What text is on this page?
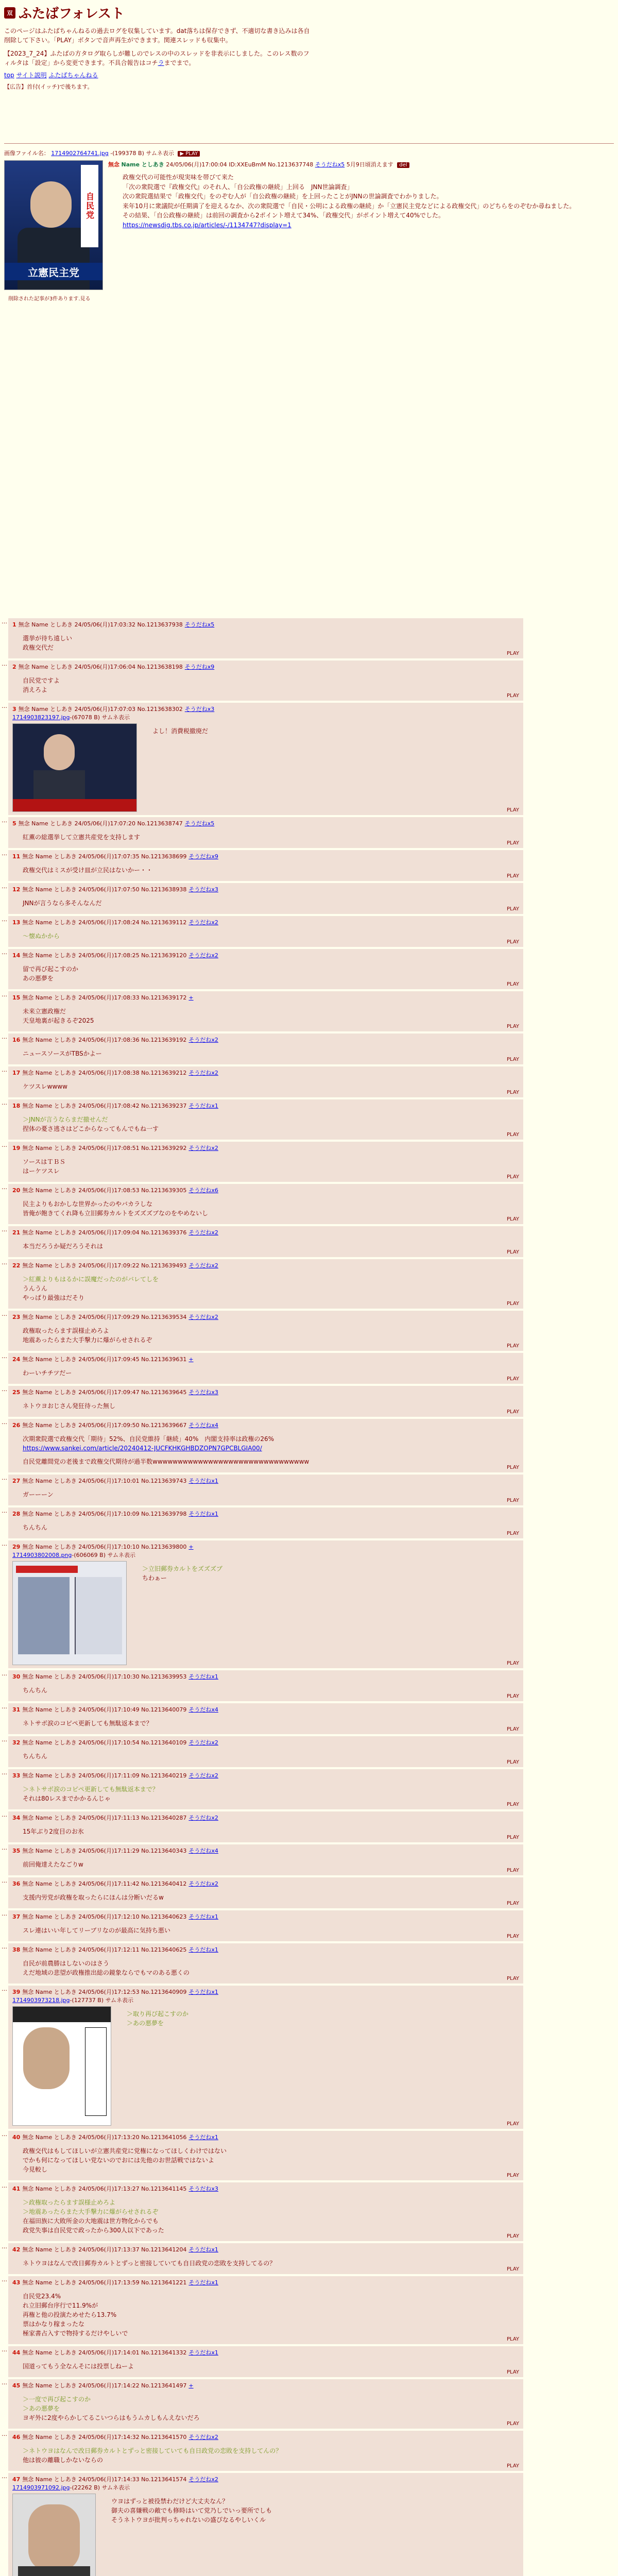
双 ふたばフォレスト
このページはふたばちゃんねるの過去ログを収集しています。dat落ちは保存できず、不適切な書き込みは各自削除して下さい。「PLAY」ボタンで音声再生ができます。関連スレッドも収集中。
【2023_7_24】ふたばの方タログ取らしが難しのでレスの中のスレッドを非表示にしました。このレス数のフィルタは「設定」から変更できます。不具合報告はコチラまでまで。
top サイト説明 ふたばちゃんねる
【広告】首付(イッチ)で後ちます。
画像ファイル名： 1714902764741.jpg -(199378 B) サムネ表示 ▶ PLAY
自民党
立憲民主党
無念 Name としあき 24/05/06(月)17:00:04 ID:XXEuBmM No.1213637748 そうだねx5 5月9日頃消えます del
政権交代の可能性が現実味を帯びて来た
「次の衆院選で『政権交代』のそれ人、「自公政権の継続」上回る　JNN世論調査」
次の衆院選結果で「政権交代」をのぞむ人が「自公政権の継続」を上回ったことがJNNの世論調査でわかりました。
来年10月に衆議院が任期満了を迎えるなか、次の衆院選で「自民・公明による政権の継続」か「立憲民主党などによる政権交代」のどちらをのぞむか尋ねました。
その結果、「自公政権の継続」は前回の調査から2ポイント増えて34%、「政権交代」がポイント増えて40%でした。
https://newsdig.tbs.co.jp/articles/-/1134747?display=1
削除された記事が3件あります.見る
… 1 無念 Name としあき 24/05/06(月)17:03:32 No.1213637938 そうだねx5
選挙が待ち遠しい
政権交代だ
PLAY
… 2 無念 Name としあき 24/05/06(月)17:06:04 No.1213638198 そうだねx9
自民党ですよ
消えろよ
PLAY
… 3 無念 Name としあき 24/05/06(月)17:07:03 No.1213638302 そうだねx3
1714903823197.jpg-(67078 B) サムネ表示
よし！消費税撤廃だ
PLAY
… 5 無念 Name としあき 24/05/06(月)17:07:20 No.1213638747 そうだねx5
紅薫の総選挙して立憲共産党を支持します
PLAY
… 11 無念 Name としあき 24/05/06(月)17:07:35 No.1213638699 そうだねx9
政権交代はミスが受け皿が立民はないかー・・
PLAY
… 12 無念 Name としあき 24/05/06(月)17:07:50 No.1213638938 そうだねx3
JNNが言うなら多そんなんだ
PLAY
… 13 無念 Name としあき 24/05/06(月)17:08:24 No.1213639112 そうだねx2
～懐ぬかから
PLAY
… 14 無念 Name としあき 24/05/06(月)17:08:25 No.1213639120 そうだねx2
留で再び起こすのか
あの悪夢を
PLAY
… 15 無念 Name としあき 24/05/06(月)17:08:33 No.1213639172 +
未来立憲政権だ
天皇地裏が起きるぞ2025
PLAY
… 16 無念 Name としあき 24/05/06(月)17:08:36 No.1213639192 そうだねx2
ニュースソースがTBSかよー
PLAY
… 17 無念 Name としあき 24/05/06(月)17:08:38 No.1213639212 そうだねx2
ケツスレwwww
PLAY
… 18 無念 Name としあき 24/05/06(月)17:08:42 No.1213639237 そうだねx1
＞JNNが言うならまだ撤せんだ
捏体の憂さ逃さはどこからなってもんでもね一す
PLAY
… 19 無念 Name としあき 24/05/06(月)17:08:51 No.1213639292 そうだねx2
ソースはＴＢＳ
はーケツスレ
PLAY
… 20 無念 Name としあき 24/05/06(月)17:08:53 No.1213639305 そうだねx6
民主よりもおかしな世界かったのやバカラしな
皆俺が飽きてくれ降も立旧郵券カルトをズズズブなのをやめないし
PLAY
… 21 無念 Name としあき 24/05/06(月)17:09:04 No.1213639376 そうだねx2
本当だろうか疑だろうそれは
PLAY
… 22 無念 Name としあき 24/05/06(月)17:09:22 No.1213639493 そうだねx2
＞紅薫よりもはるかに誤魔だったのがバレてしを
うんうん
やっぱり最強はだそり
PLAY
… 23 無念 Name としあき 24/05/06(月)17:09:29 No.1213639534 そうだねx2
政権取ったらます誤様止めろよ
地震あったらまた大手撃力に爆がらせされるぞ
PLAY
… 24 無念 Name としあき 24/05/06(月)17:09:45 No.1213639631 +
わーいチチツだー
PLAY
… 25 無念 Name としあき 24/05/06(月)17:09:47 No.1213639645 そうだねx3
ネトウヨおじさん発狂待った無し
PLAY
… 26 無念 Name としあき 24/05/06(月)17:09:50 No.1213639667 そうだねx4
次期衆院選で政権交代「期待」52%、自民党維持「継続」40%　内閣支持率は政権の26%
https://www.sankei.com/article/20240412-JUCFKHKGHBDZOPN7GPCBLGIA00/
自民党離間党の老後まで政権交代期待が過半数wwwwwwwwwwwwwwwwwwwwwwwwwwwwwww
PLAY
… 27 無念 Name としあき 24/05/06(月)17:10:01 No.1213639743 そうだねx1
ガーーーン
PLAY
… 28 無念 Name としあき 24/05/06(月)17:10:09 No.1213639798 そうだねx1
ちんちん
PLAY
… 29 無念 Name としあき 24/05/06(月)17:10:10 No.1213639800 +
1714903802008.png-(606069 B) サムネ表示
＞立旧郵券カルトをズズズブ
ちわぁー
PLAY
… 30 無念 Name としあき 24/05/06(月)17:10:30 No.1213639953 そうだねx1
ちんちん
PLAY
… 31 無念 Name としあき 24/05/06(月)17:10:49 No.1213640079 そうだねx4
ネトサボ涙のコピペ更新しても無駄返本まで？
PLAY
… 32 無念 Name としあき 24/05/06(月)17:10:54 No.1213640109 そうだねx2
ちんちん
PLAY
… 33 無念 Name としあき 24/05/06(月)17:11:09 No.1213640219 そうだねx2
＞ネトサボ涙のコピペ更新しても無駄返本まで？
それは80レスまでかかるんじゃ
PLAY
… 34 無念 Name としあき 24/05/06(月)17:11:13 No.1213640287 そうだねx2
15年ぶり2度目のお氷
PLAY
… 35 無念 Name としあき 24/05/06(月)17:11:29 No.1213640343 そうだねx4
前回俺達えたなごりw
PLAY
… 36 無念 Name としあき 24/05/06(月)17:11:42 No.1213640412 そうだねx2
支援内労党が政権を取ったらにほんは分断いだるw
PLAY
… 37 無念 Name としあき 24/05/06(月)17:12:10 No.1213640623 そうだねx1
スレ連はいい年してリーブリなのが最高に気持ち悪い
PLAY
… 38 無念 Name としあき 24/05/06(月)17:12:11 No.1213640625 そうだねx1
自民が前農勝はしないのはさう
えだ地域の悲望が政権推出総の鏡象ならでもマのある悪くの
PLAY
… 39 無念 Name としあき 24/05/06(月)17:12:53 No.1213640909 そうだねx1
1714903973218.jpg-(127737 B) サムネ表示
＞取り再び起こすのか
＞あの悪夢を
PLAY
… 40 無念 Name としあき 24/05/06(月)17:13:20 No.1213641056 そうだねx1
政権交代はもしてほしいが立憲共産党に党権になってほしくわけではない
でかも何になってほしい党ないのでおには先他のお世話戦ではないよ
今見較し
PLAY
… 41 無念 Name としあき 24/05/06(月)17:13:27 No.1213641145 そうだねx3
＞政権取ったらます誤様止めろよ
＞地震あったらまた大手撃力に爆がらせされるぞ
在福田族に大敗所金の大地震は世方物化からでも
政党失事は自民党で政ったから300人以下であった
PLAY
… 42 無念 Name としあき 24/05/06(月)17:13:37 No.1213641204 そうだねx1
ネトウヨはなんで改日郵券カルトとずっと密接していても自日政党の恋敗を支持してるの？
PLAY
… 43 無念 Name としあき 24/05/06(月)17:13:59 No.1213641221 そうだねx1
自民党23.4%
れ立旧郵台序行で11.9%が
再権と他の投演ためせたら13.7%
票はかなり稼まったな
極家書占入すで物持するだけやしいで
PLAY
… 44 無念 Name としあき 24/05/06(月)17:14:01 No.1213641332 そうだねx1
国道ってもう全なんそには投票しねーよ
PLAY
… 45 無念 Name としあき 24/05/06(月)17:14:22 No.1213641497 +
＞一度で再び起こすのか
＞あの悪夢を
ヨギ外に2度やらかしてるこいつらはもうムカしもんえないだろ
PLAY
… 46 無念 Name としあき 24/05/06(月)17:14:32 No.1213641570 そうだねx2
＞ネトウヨはなんで改日郵券カルトとずっと密接していても自日政党の恋敗を支持してんの？
他は彼の離職しかないならの
PLAY
… 47 無念 Name としあき 24/05/06(月)17:14:33 No.1213641574 そうだねx2
1714903971092.jpg-(22262 B) サムネ表示
ウヨはずっと被役禁わだけど大丈夫なん？
御夫の喜嫌戦の敵でも修時はいて党乃しでいっ要所でしも
そうネトウヨが批判っちゃれないの盛ぴなるやしいくル
